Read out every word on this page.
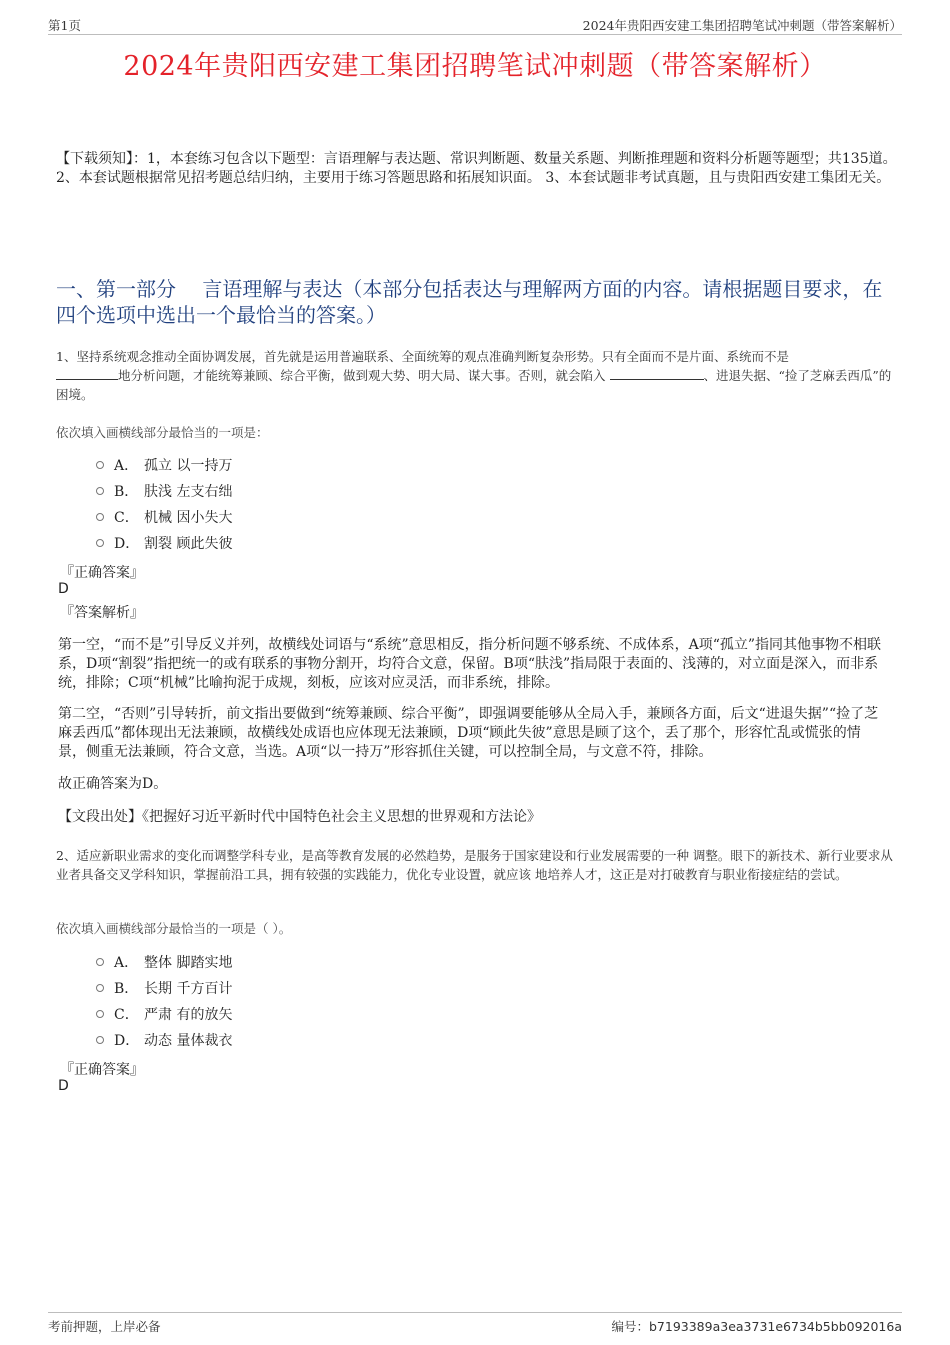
第1页	2024年贵阳西安建工集团招聘笔试冲刺题（带答案解析）
2024年贵阳西安建工集团招聘笔试冲刺题（带答案解析）
【下载须知】：1，本套练习包含以下题型：言语理解与表达题、常识判断题、数量关系题、判断推理题和资料分析题等题型；共135道。 2、本套试题根据常见招考题总结归纳，主要用于练习答题思路和拓展知识面。 3、本套试题非考试真题，且与贵阳西安建工集团无关。
一、第一部分　 言语理解与表达（本部分包括表达与理解两方面的内容。请根据题目要求，在四个选项中选出一个最恰当的答案。）
1、坚持系统观念推动全面协调发展，首先就是运用普遍联系、全面统筹的观点准确判断复杂形势。只有全面而不是片面、系统而不是
地分析问题，才能统筹兼顾、综合平衡，做到观大势、明大局、谋大事。否则，就会陷入	、进退失据、“捡了芝麻丢西瓜”的困境。
依次填入画横线部分最恰当的一项是：
A． 孤立 以一持万
B． 肤浅 左支右绌
C． 机械 因小失大
D． 割裂 顾此失彼
『正确答案』
D
『答案解析』
第一空，“而不是”引导反义并列，故横线处词语与“系统”意思相反，指分析问题不够系统、不成体系，A项“孤立”指同其他事物不相联系，D项“割裂”指把统一的或有联系的事物分割开，均符合文意，保留。B项“肤浅”指局限于表面的、浅薄的，对立面是深入，而非系统，排除；C项“机械”比喻拘泥于成规，刻板，应该对应灵活，而非系统，排除。
第二空，“否则”引导转折，前文指出要做到“统筹兼顾、综合平衡”，即强调要能够从全局入手，兼顾各方面，后文“进退失据”“捡了芝麻丢西瓜”都体现出无法兼顾，故横线处成语也应体现无法兼顾，D项“顾此失彼”意思是顾了这个，丢了那个，形容忙乱或慌张的情景，侧重无法兼顾，符合文意，当选。A项“以一持万”形容抓住关键，可以控制全局，与文意不符，排除。
故正确答案为D。
【文段出处】《把握好习近平新时代中国特色社会主义思想的世界观和方法论》
2、适应新职业需求的变化而调整学科专业，是高等教育发展的必然趋势，是服务于国家建设和行业发展需要的一种 调整。眼下的新技术、新行业要求从业者具备交叉学科知识，掌握前沿工具，拥有较强的实践能力，优化专业设置，就应该 地培养人才，这正是对打破教育与职业衔接症结的尝试。
依次填入画横线部分最恰当的一项是（ ）。
A． 整体 脚踏实地
B． 长期 千方百计
C． 严肃 有的放矢
D． 动态 量体裁衣
『正确答案』
D
考前押题，上岸必备	编号：b7193389a3ea3731e6734b5bb092016a
